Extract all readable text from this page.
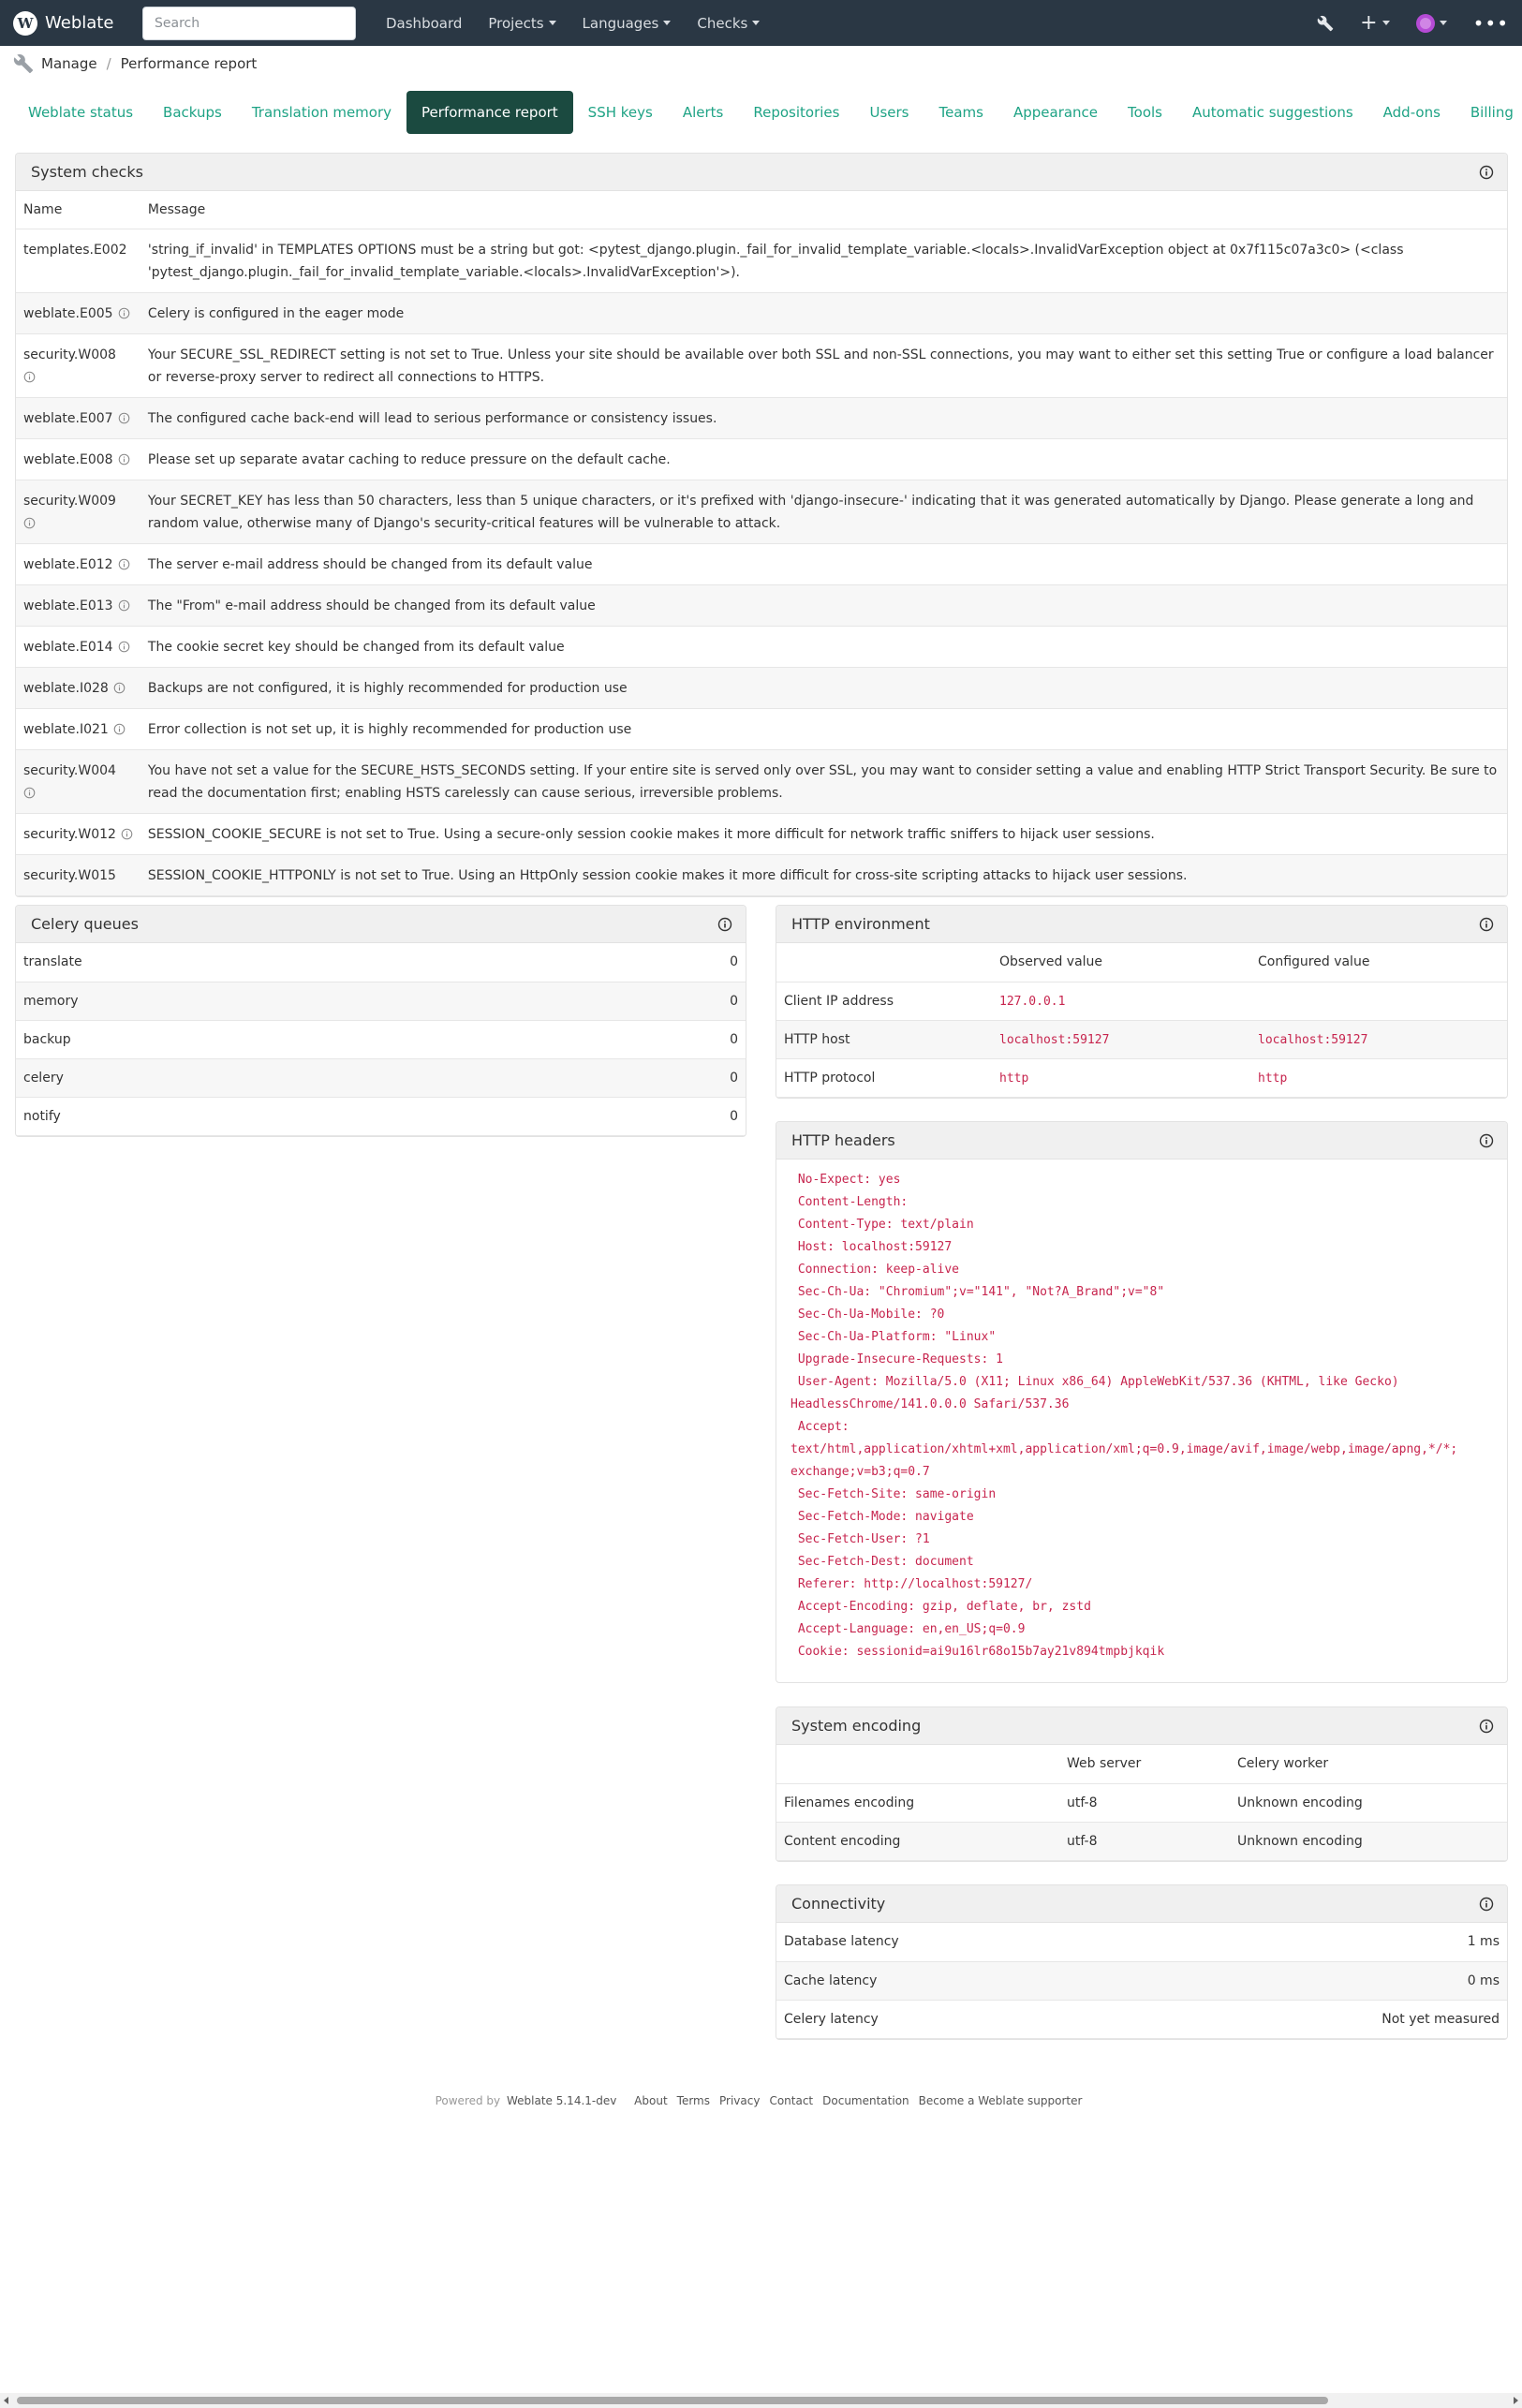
W Weblate
Search	Dashboard	Projects	Languages	Checks	+	•••
Manage / Performance report
Weblate status	Backups	Translation memory	Performance report	SSH keys	Alerts	Repositories	Users	Teams	Appearance	Tools	Automatic suggestions	Add-ons	Billing
System checks
Name	Message
templates.E002	'string_if_invalid' in TEMPLATES OPTIONS must be a string but got: <pytest_django.plugin._fail_for_invalid_template_variable.<locals>.InvalidVarException object at 0x7f115c07a3c0> (<class 'pytest_django.plugin._fail_for_invalid_template_variable.<locals>.InvalidVarException'>).
weblate.E005	Celery is configured in the eager mode
security.W008	Your SECURE_SSL_REDIRECT setting is not set to True. Unless your site should be available over both SSL and non-SSL connections, you may want to either set this setting True or configure a load balancer or reverse-proxy server to redirect all connections to HTTPS.
weblate.E007	The configured cache back-end will lead to serious performance or consistency issues.
weblate.E008	Please set up separate avatar caching to reduce pressure on the default cache.
security.W009	Your SECRET_KEY has less than 50 characters, less than 5 unique characters, or it's prefixed with 'django-insecure-' indicating that it was generated automatically by Django. Please generate a long and random value, otherwise many of Django's security-critical features will be vulnerable to attack.
weblate.E012	The server e-mail address should be changed from its default value
weblate.E013	The "From" e-mail address should be changed from its default value
weblate.E014	The cookie secret key should be changed from its default value
weblate.I028	Backups are not configured, it is highly recommended for production use
weblate.I021	Error collection is not set up, it is highly recommended for production use
security.W004	You have not set a value for the SECURE_HSTS_SECONDS setting. If your entire site is served only over SSL, you may want to consider setting a value and enabling HTTP Strict Transport Security. Be sure to read the documentation first; enabling HSTS carelessly can cause serious, irreversible problems.
security.W012	SESSION_COOKIE_SECURE is not set to True. Using a secure-only session cookie makes it more difficult for network traffic sniffers to hijack user sessions.
security.W015	SESSION_COOKIE_HTTPONLY is not set to True. Using an HttpOnly session cookie makes it more difficult for cross-site scripting attacks to hijack user sessions.
Celery queues
translate	0
memory	0
backup	0
celery	0
notify	0
HTTP environment
	Observed value	Configured value
Client IP address	127.0.0.1	
HTTP host	localhost:59127	localhost:59127
HTTP protocol	http	http
HTTP headers
No-Expect: yes
Content-Length:
Content-Type: text/plain
Host: localhost:59127
Connection: keep-alive
Sec-Ch-Ua: "Chromium";v="141", "Not?A_Brand";v="8"
Sec-Ch-Ua-Mobile: ?0
Sec-Ch-Ua-Platform: "Linux"
Upgrade-Insecure-Requests: 1
User-Agent: Mozilla/5.0 (X11; Linux x86_64) AppleWebKit/537.36 (KHTML, like Gecko)
HeadlessChrome/141.0.0.0 Safari/537.36
Accept:
text/html,application/xhtml+xml,application/xml;q=0.9,image/avif,image/webp,image/apng,*/*;
exchange;v=b3;q=0.7
Sec-Fetch-Site: same-origin
Sec-Fetch-Mode: navigate
Sec-Fetch-User: ?1
Sec-Fetch-Dest: document
Referer: http://localhost:59127/
Accept-Encoding: gzip, deflate, br, zstd
Accept-Language: en,en_US;q=0.9
Cookie: sessionid=ai9u16lr68o15b7ay21v894tmpbjkqik
System encoding
	Web server	Celery worker
Filenames encoding	utf-8	Unknown encoding
Content encoding	utf-8	Unknown encoding
Connectivity
Database latency	1 ms
Cache latency	0 ms
Celery latency	Not yet measured
Powered by Weblate 5.14.1-dev About Terms Privacy Contact Documentation Become a Weblate supporter
